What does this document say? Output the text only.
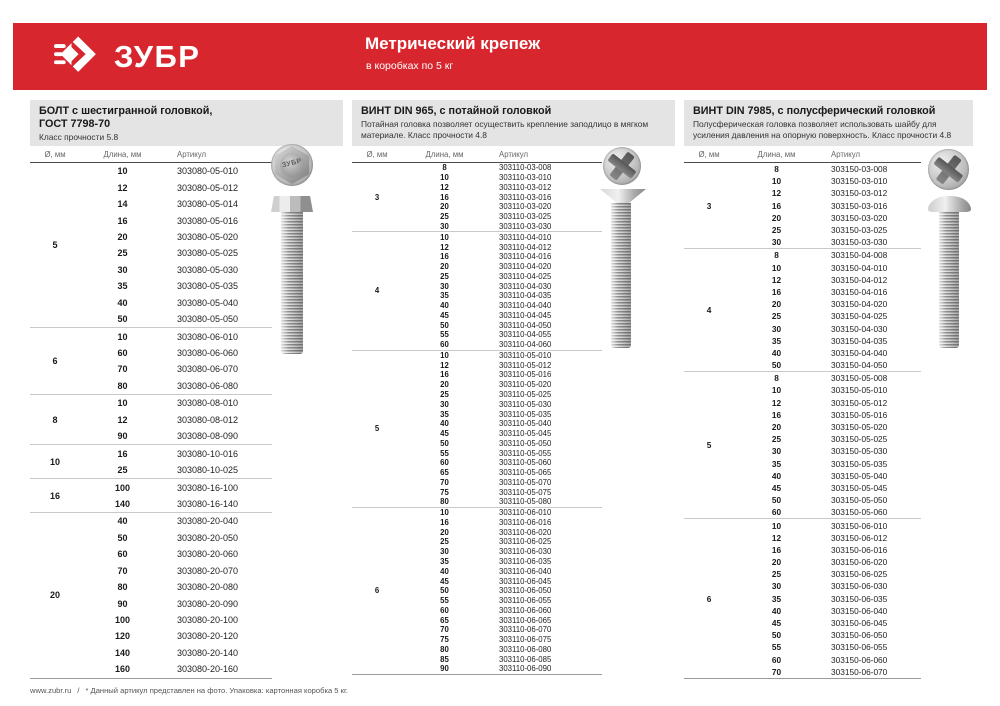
ЗУБР	Метрический крепеж
в коробках по 5 кг
БОЛТ с шестигранной головкой,
ГОСТ 7798-70
Класс прочности 5.8
Ø, мм	Длина, мм	Артикул
5
10	303080-05-010
12	303080-05-012
14	303080-05-014
16	303080-05-016
20	303080-05-020
25	303080-05-025
30	303080-05-030
35	303080-05-035
40	303080-05-040
50	303080-05-050
6
10	303080-06-010
60	303080-06-060
70	303080-06-070
80	303080-06-080
8
10	303080-08-010
12	303080-08-012
90	303080-08-090
10
16	303080-10-016
25	303080-10-025
16
100	303080-16-100
140	303080-16-140
20
40	303080-20-040
50	303080-20-050
60	303080-20-060
70	303080-20-070
80	303080-20-080
90	303080-20-090
100	303080-20-100
120	303080-20-120
140	303080-20-140
160	303080-20-160
ВИНТ DIN 965, с потайной головкой
Потайная головка позволяет осуществить крепление заподлицо в мягком материале. Класс прочности 4.8
Ø, мм	Длина, мм	Артикул
3
8	303110-03-008
10	303110-03-010
12	303110-03-012
16	303110-03-016
20	303110-03-020
25	303110-03-025
30	303110-03-030
4
10	303110-04-010
12	303110-04-012
16	303110-04-016
20	303110-04-020
25	303110-04-025
30	303110-04-030
35	303110-04-035
40	303110-04-040
45	303110-04-045
50	303110-04-050
55	303110-04-055
60	303110-04-060
5
10	303110-05-010
12	303110-05-012
16	303110-05-016
20	303110-05-020
25	303110-05-025
30	303110-05-030
35	303110-05-035
40	303110-05-040
45	303110-05-045
50	303110-05-050
55	303110-05-055
60	303110-05-060
65	303110-05-065
70	303110-05-070
75	303110-05-075
80	303110-05-080
6
10	303110-06-010
16	303110-06-016
20	303110-06-020
25	303110-06-025
30	303110-06-030
35	303110-06-035
40	303110-06-040
45	303110-06-045
50	303110-06-050
55	303110-06-055
60	303110-06-060
65	303110-06-065
70	303110-06-070
75	303110-06-075
80	303110-06-080
85	303110-06-085
90	303110-06-090
ВИНТ DIN 7985, с полусферический головкой
Полусферическая головка позволяет использовать шайбу для усиления давления на опорную поверхность. Класс прочности 4.8
Ø, мм	Длина, мм	Артикул
3
8	303150-03-008
10	303150-03-010
12	303150-03-012
16	303150-03-016
20	303150-03-020
25	303150-03-025
30	303150-03-030
4
8	303150-04-008
10	303150-04-010
12	303150-04-012
16	303150-04-016
20	303150-04-020
25	303150-04-025
30	303150-04-030
35	303150-04-035
40	303150-04-040
50	303150-04-050
5
8	303150-05-008
10	303150-05-010
12	303150-05-012
16	303150-05-016
20	303150-05-020
25	303150-05-025
30	303150-05-030
35	303150-05-035
40	303150-05-040
45	303150-05-045
50	303150-05-050
60	303150-05-060
6
10	303150-06-010
12	303150-06-012
16	303150-06-016
20	303150-06-020
25	303150-06-025
30	303150-06-030
35	303150-06-035
40	303150-06-040
45	303150-06-045
50	303150-06-050
55	303150-06-055
60	303150-06-060
70	303150-06-070
ЗУБР
www.zubr.ru / * Данный артикул представлен на фото. Упаковка: картонная коробка 5 кг.
